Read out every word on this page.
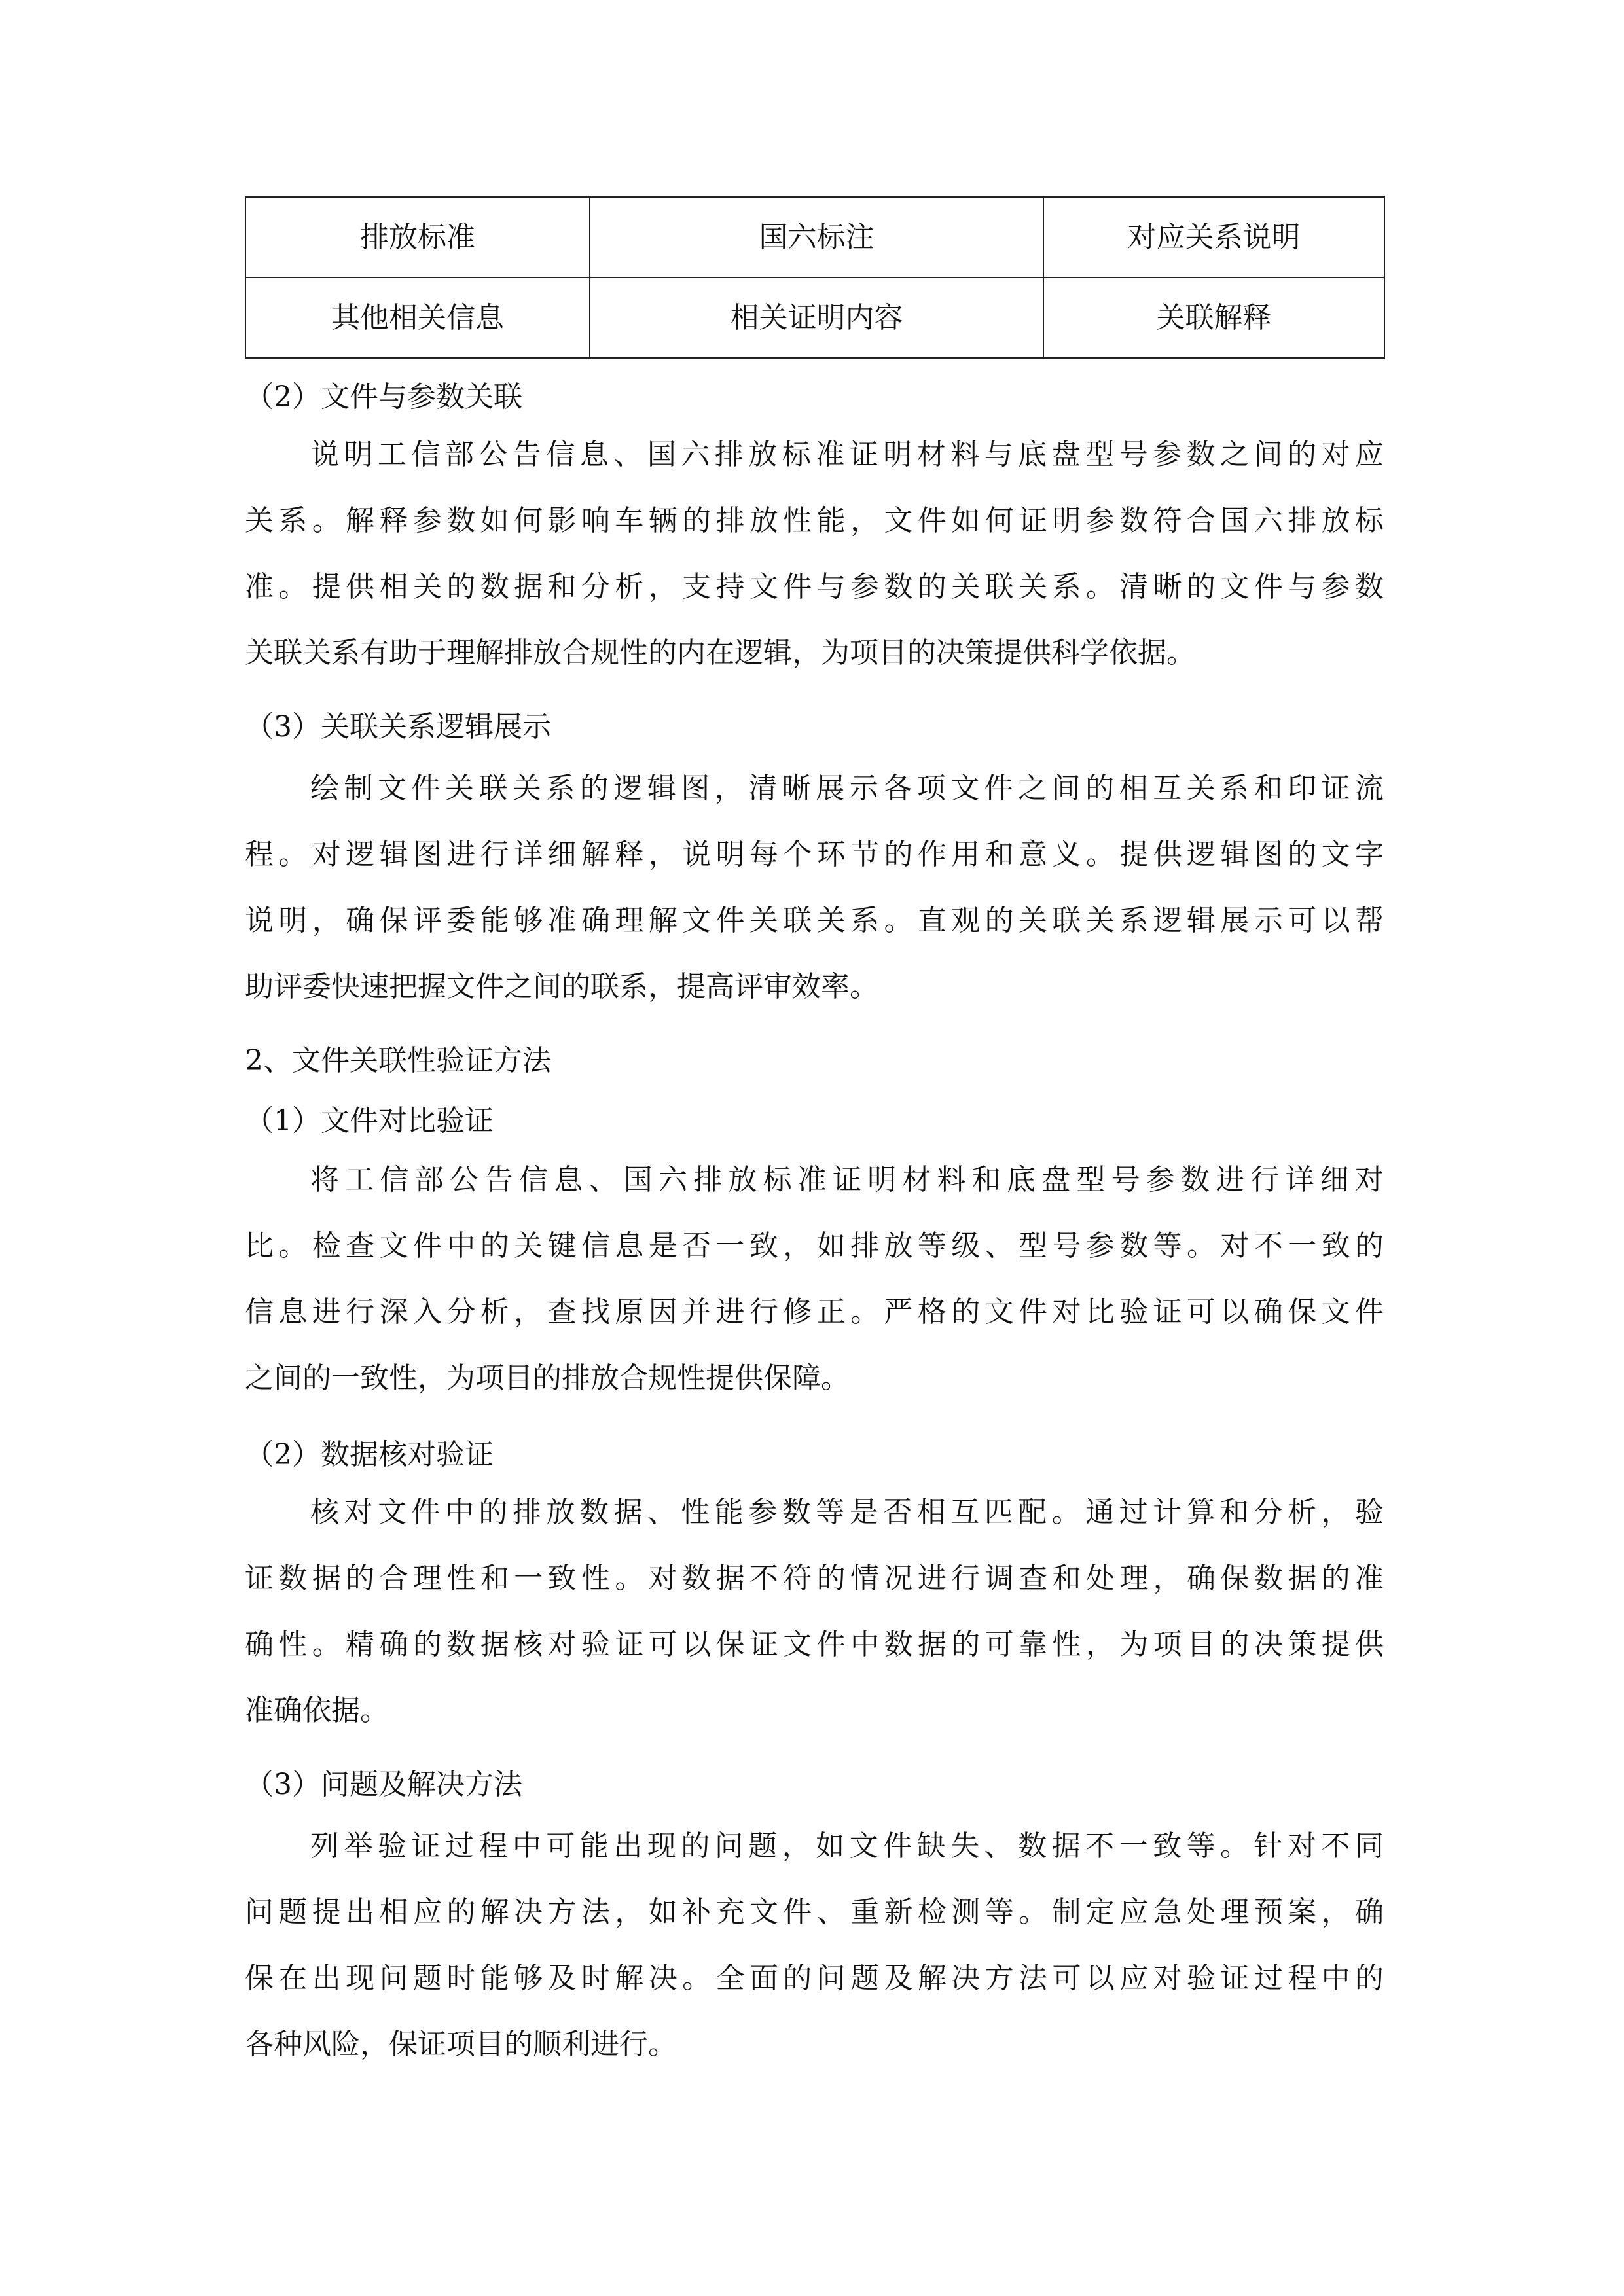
排放标准	国六标注	对应关系说明
其他相关信息	相关证明内容	关联解释
（2）文件与参数关联
说明工信部公告信息、国六排放标准证明材料与底盘型号参数之间的对应
关系。解释参数如何影响车辆的排放性能，文件如何证明参数符合国六排放标
准。提供相关的数据和分析，支持文件与参数的关联关系。清晰的文件与参数
关联关系有助于理解排放合规性的内在逻辑，为项目的决策提供科学依据。
（3）关联关系逻辑展示
绘制文件关联关系的逻辑图，清晰展示各项文件之间的相互关系和印证流
程。对逻辑图进行详细解释，说明每个环节的作用和意义。提供逻辑图的文字
说明，确保评委能够准确理解文件关联关系。直观的关联关系逻辑展示可以帮
助评委快速把握文件之间的联系，提高评审效率。
2、文件关联性验证方法
（1）文件对比验证
将工信部公告信息、国六排放标准证明材料和底盘型号参数进行详细对
比。检查文件中的关键信息是否一致，如排放等级、型号参数等。对不一致的
信息进行深入分析，查找原因并进行修正。严格的文件对比验证可以确保文件
之间的一致性，为项目的排放合规性提供保障。
（2）数据核对验证
核对文件中的排放数据、性能参数等是否相互匹配。通过计算和分析，验
证数据的合理性和一致性。对数据不符的情况进行调查和处理，确保数据的准
确性。精确的数据核对验证可以保证文件中数据的可靠性，为项目的决策提供
准确依据。
（3）问题及解决方法
列举验证过程中可能出现的问题，如文件缺失、数据不一致等。针对不同
问题提出相应的解决方法，如补充文件、重新检测等。制定应急处理预案，确
保在出现问题时能够及时解决。全面的问题及解决方法可以应对验证过程中的
各种风险，保证项目的顺利进行。
